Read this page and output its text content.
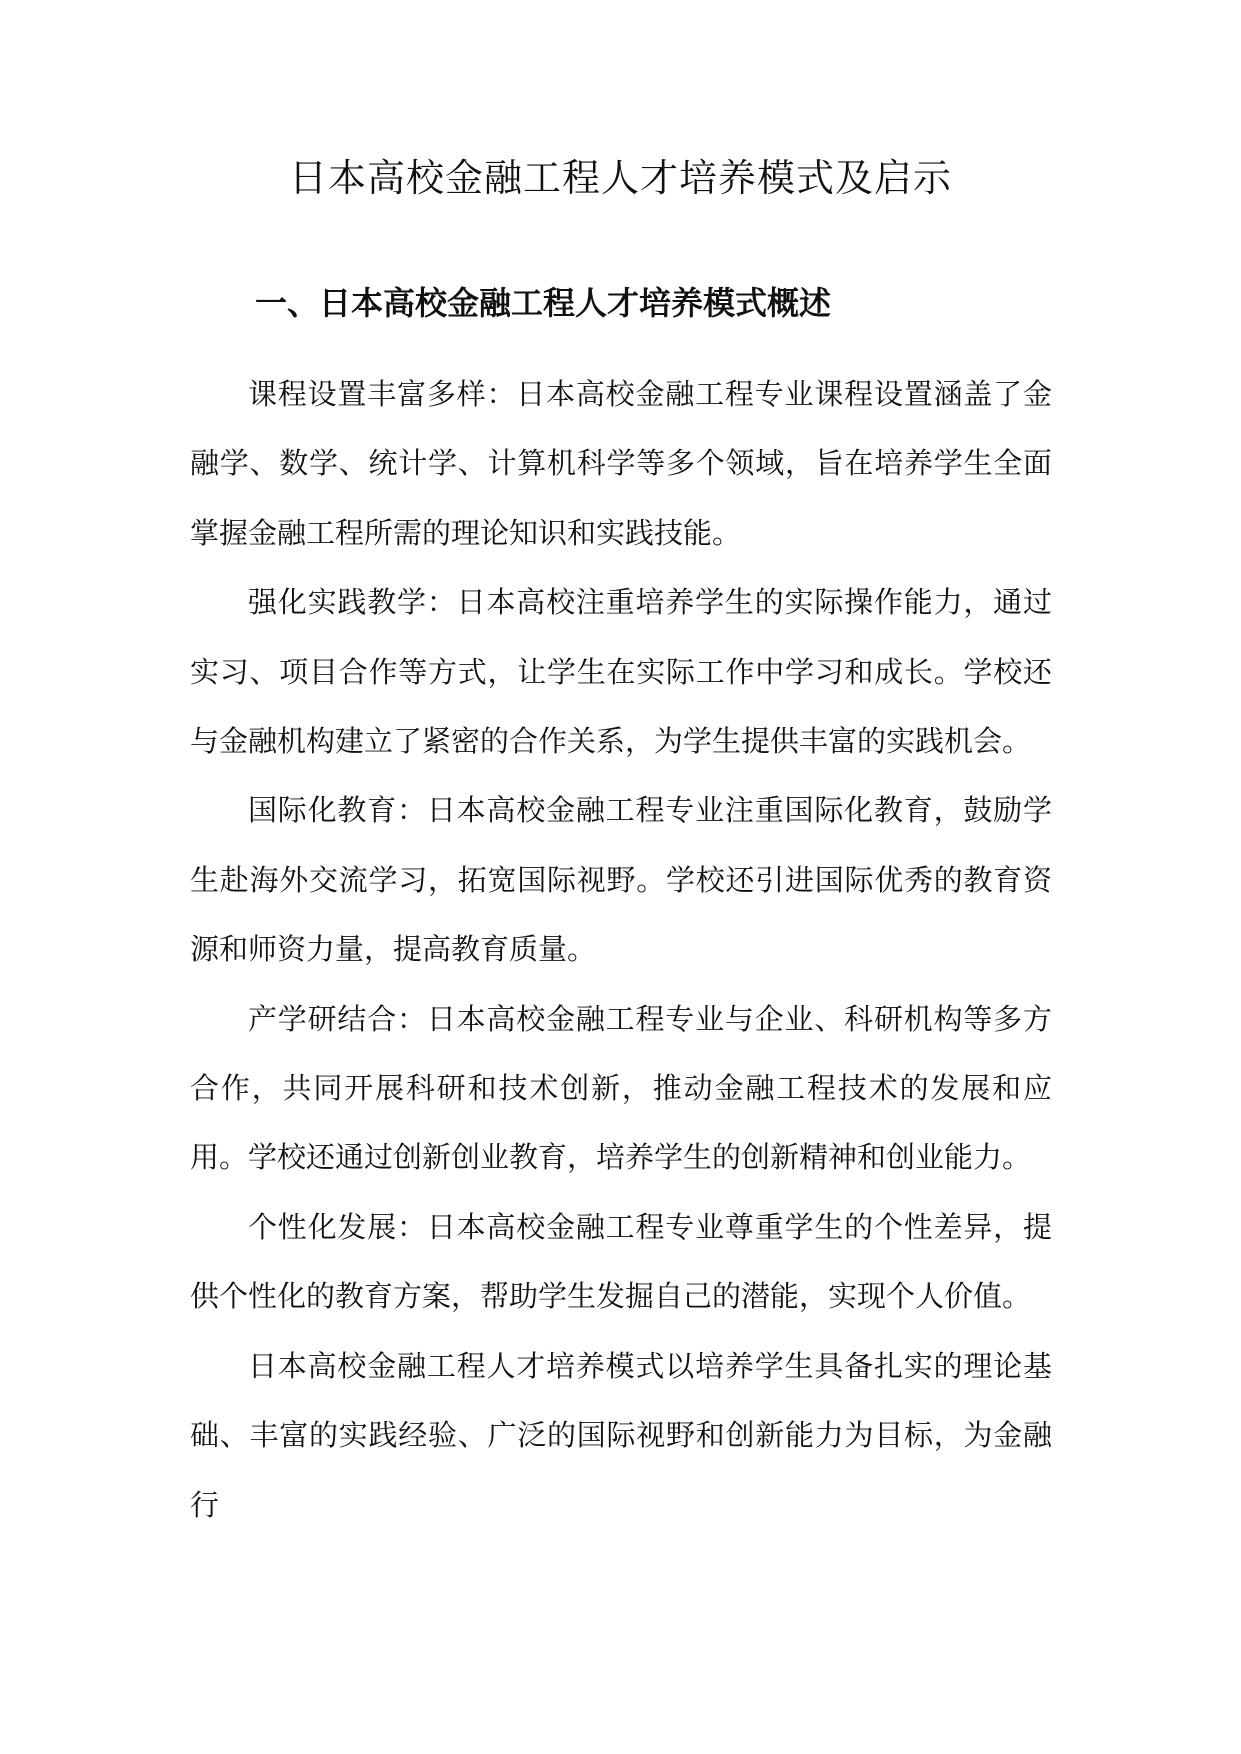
日本高校金融工程人才培养模式及启示
一、日本高校金融工程人才培养模式概述

课程设置丰富多样：日本高校金融工程专业课程设置涵盖了金融学、数学、统计学、计算机科学等多个领域，旨在培养学生全面掌握金融工程所需的理论知识和实践技能。

强化实践教学：日本高校注重培养学生的实际操作能力，通过实习、项目合作等方式，让学生在实际工作中学习和成长。学校还与金融机构建立了紧密的合作关系，为学生提供丰富的实践机会。

国际化教育：日本高校金融工程专业注重国际化教育，鼓励学生赴海外交流学习，拓宽国际视野。学校还引进国际优秀的教育资源和师资力量，提高教育质量。

产学研结合：日本高校金融工程专业与企业、科研机构等多方合作，共同开展科研和技术创新，推动金融工程技术的发展和应用。学校还通过创新创业教育，培养学生的创新精神和创业能力。

个性化发展：日本高校金融工程专业尊重学生的个性差异，提供个性化的教育方案，帮助学生发掘自己的潜能，实现个人价值。

日本高校金融工程人才培养模式以培养学生具备扎实的理论基础、丰富的实践经验、广泛的国际视野和创新能力为目标，为金融行
